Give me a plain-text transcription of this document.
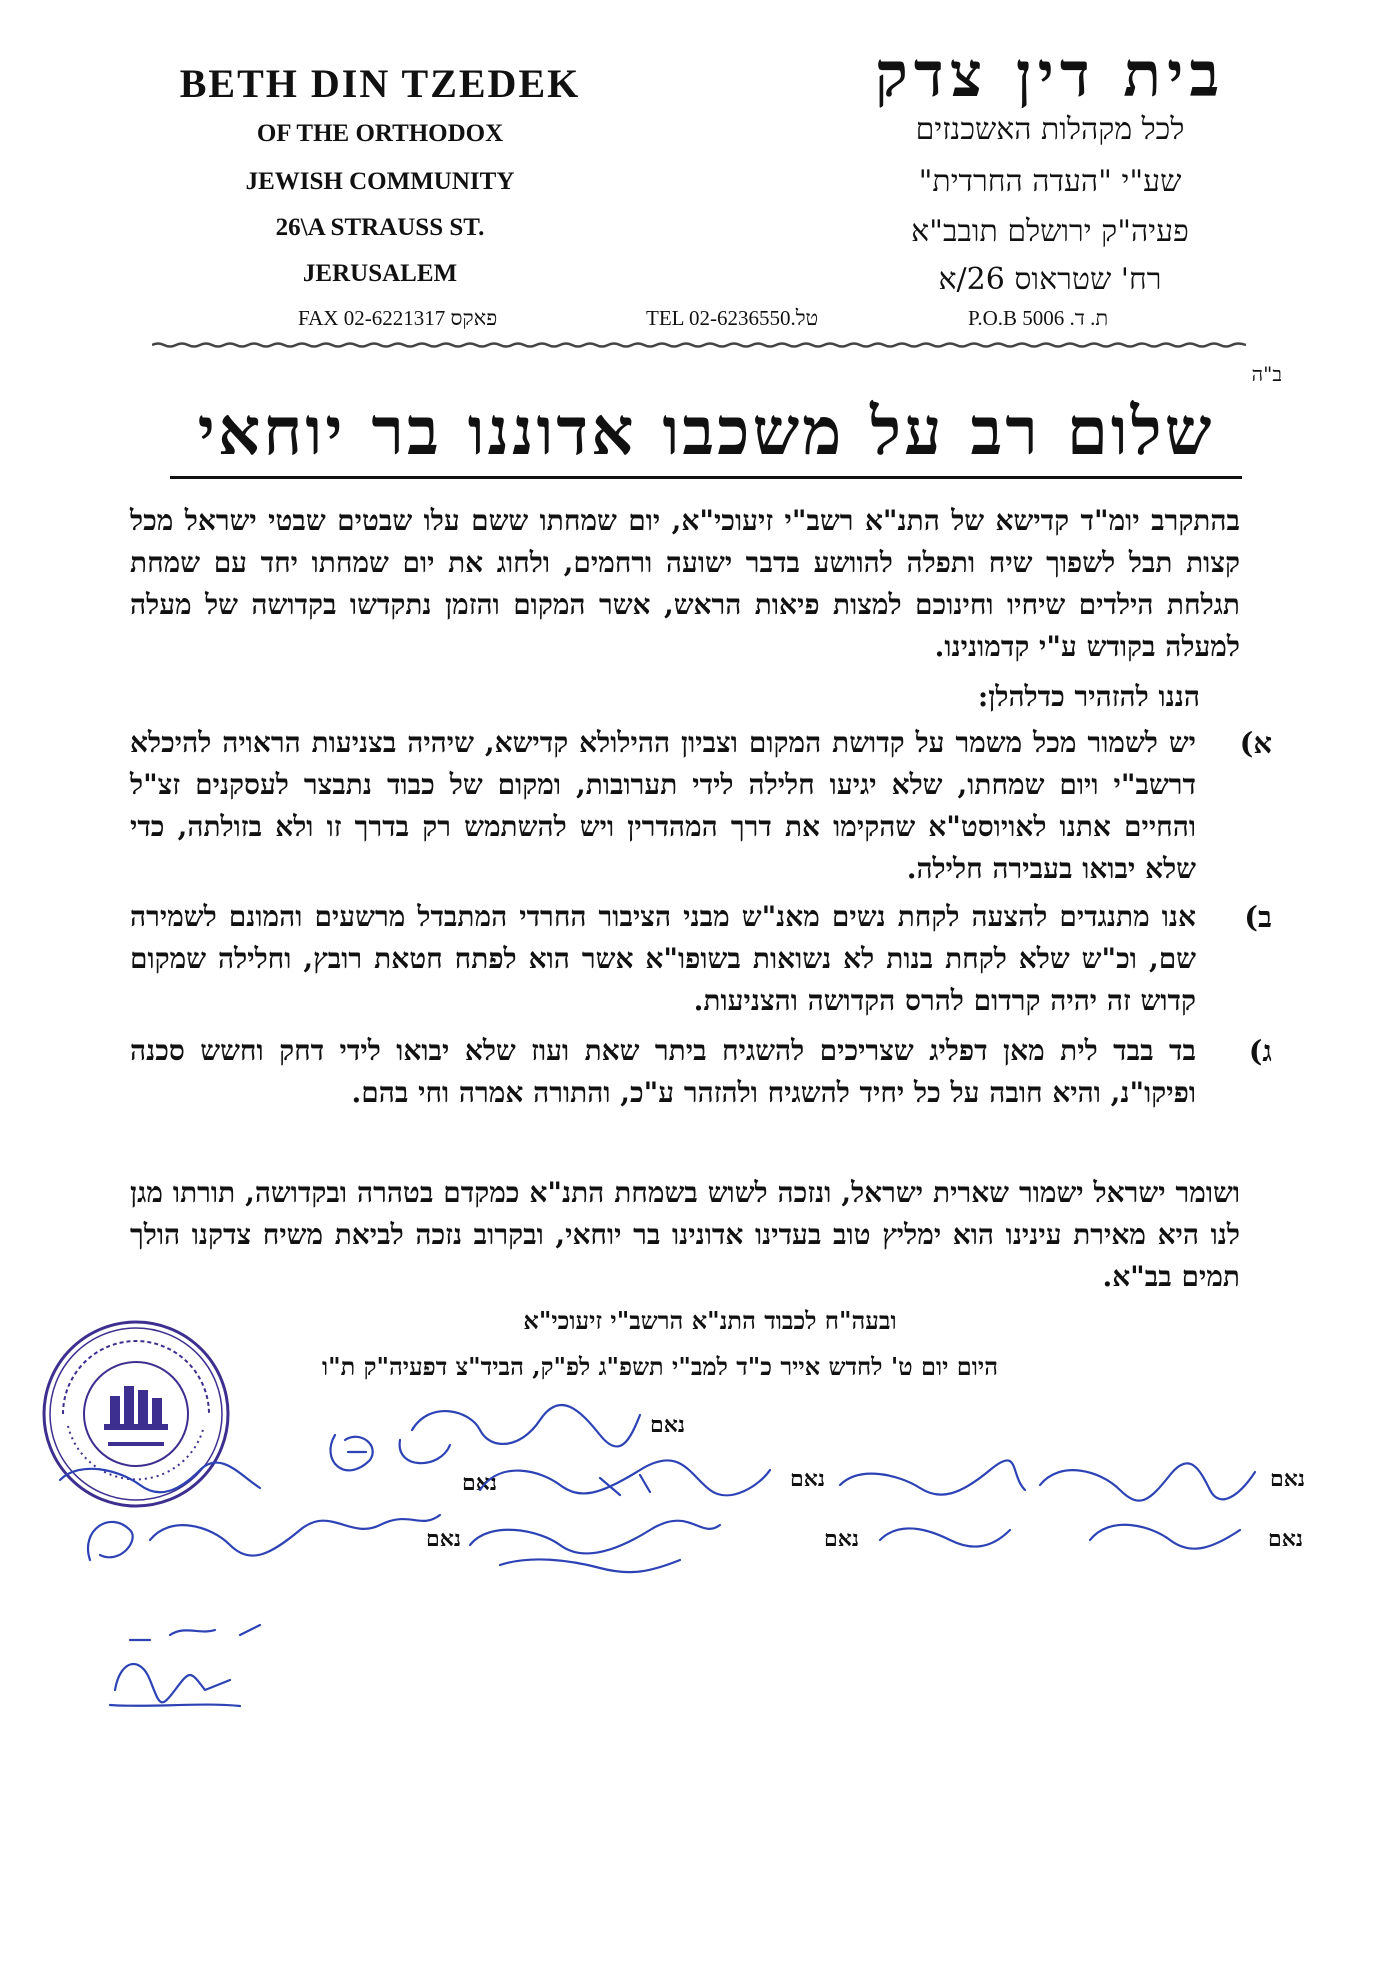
BETH DIN TZEDEK
OF THE ORTHODOX
JEWISH COMMUNITY
26\A STRAUSS ST.
JERUSALEM
בית דין צדק
לכל מקהלות האשכנזים
שע"י "העדה החרדית"
פעיה"ק ירושלם תובב"א
רח' שטראוס 26/א
FAX 02-6221317 פאקס	TEL 02-6236550.טל	P.O.B 5006 .ת. ד
ב"ה
שלום רב על משכבו אדוננו בר יוחאי
בהתקרב יומ"ד קדישא של התנ"א רשב"י זיעוכי"א, יום שמחתו ששם עלו שבטים שבטי ישראל מכל קצות תבל לשפוך שיח ותפלה להוושע בדבר ישועה ורחמים, ולחוג את יום שמחתו יחד עם שמחת תגלחת הילדים שיחיו וחינוכם למצות פיאות הראש, אשר המקום והזמן נתקדשו בקדושה של מעלה למעלה בקודש ע"י קדמונינו.
הננו להזהיר כדלהלן:
א)
יש לשמור מכל משמר על קדושת המקום וצביון ההילולא קדישא, שיהיה בצניעות הראויה להיכלא דרשב"י ויום שמחתו, שלא יגיעו חלילה לידי תערובות, ומקום של כבוד נתבצר לעסקנים זצ"ל והחיים אתנו לאויוסט"א שהקימו את דרך המהדרין ויש להשתמש רק בדרך זו ולא בזולתה, כדי שלא יבואו בעבירה חלילה.
ב)
אנו מתנגדים להצעה לקחת נשים מאנ"ש מבני הציבור החרדי המתבדל מרשעים והמונם לשמירה שם, וכ"ש שלא לקחת בנות לא נשואות בשופו"א אשר הוא לפתח חטאת רובץ, וחלילה שמקום קדוש זה יהיה קרדום להרס הקדושה והצניעות.
ג)
בד בבד לית מאן דפליג שצריכים להשגיח ביתר שאת ועוז שלא יבואו לידי דחק וחשש סכנה ופיקו"נ, והיא חובה על כל יחיד להשגיח ולהזהר ע"כ, והתורה אמרה וחי בהם.
ושומר ישראל ישמור שארית ישראל, ונזכה לשוש בשמחת התנ"א כמקדם בטהרה ובקדושה, תורתו מגן לנו היא מאירת עינינו הוא ימליץ טוב בעדינו אדונינו בר יוחאי, ובקרוב נזכה לביאת משיח צדקנו הולך תמים בב"א.
ובעה"ח לכבוד התנ"א הרשב"י זיעוכי"א
היום יום ט' לחדש אייר כ"ד למב"י תשפ"ג לפ"ק, הביד"צ דפעיה"ק ת"ו
נאם
נאם
נאם
נאם
נאם
נאם
נאם
